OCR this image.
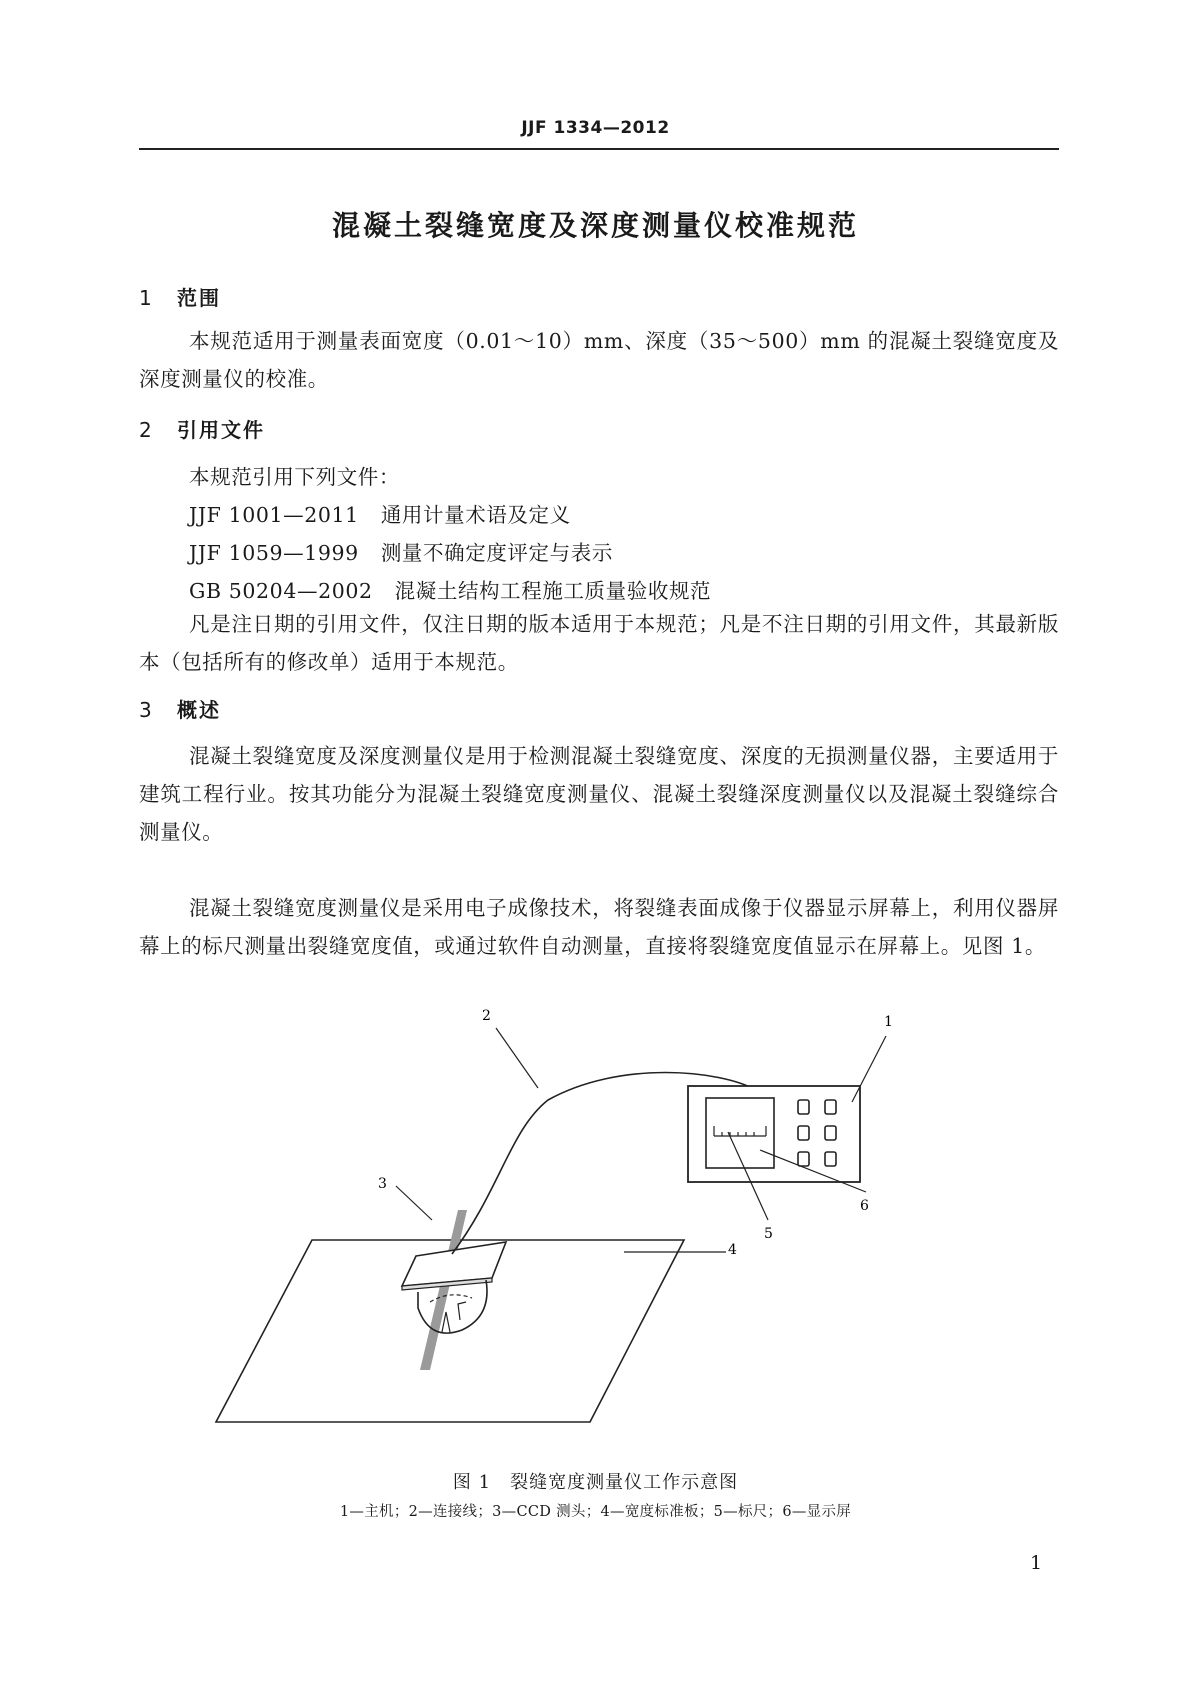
JJF 1334—2012
混凝土裂缝宽度及深度测量仪校准规范
1 范围
本规范适用于测量表面宽度（0.01～10）mm、深度（35～500）mm 的混凝土裂缝宽度及深度测量仪的校准。
2 引用文件
本规范引用下列文件：
JJF 1001—2011 通用计量术语及定义
JJF 1059—1999 测量不确定度评定与表示
GB 50204—2002 混凝土结构工程施工质量验收规范
凡是注日期的引用文件，仅注日期的版本适用于本规范；凡是不注日期的引用文件，其最新版本（包括所有的修改单）适用于本规范。
3 概述
混凝土裂缝宽度及深度测量仪是用于检测混凝土裂缝宽度、深度的无损测量仪器，主要适用于建筑工程行业。按其功能分为混凝土裂缝宽度测量仪、混凝土裂缝深度测量仪以及混凝土裂缝综合测量仪。
混凝土裂缝宽度测量仪是采用电子成像技术，将裂缝表面成像于仪器显示屏幕上，利用仪器屏幕上的标尺测量出裂缝宽度值，或通过软件自动测量，直接将裂缝宽度值显示在屏幕上。见图 1。
1
2
3
4
5
6
图 1　裂缝宽度测量仪工作示意图
1—主机；2—连接线；3—CCD 测头；4—宽度标准板；5—标尺；6—显示屏
1
